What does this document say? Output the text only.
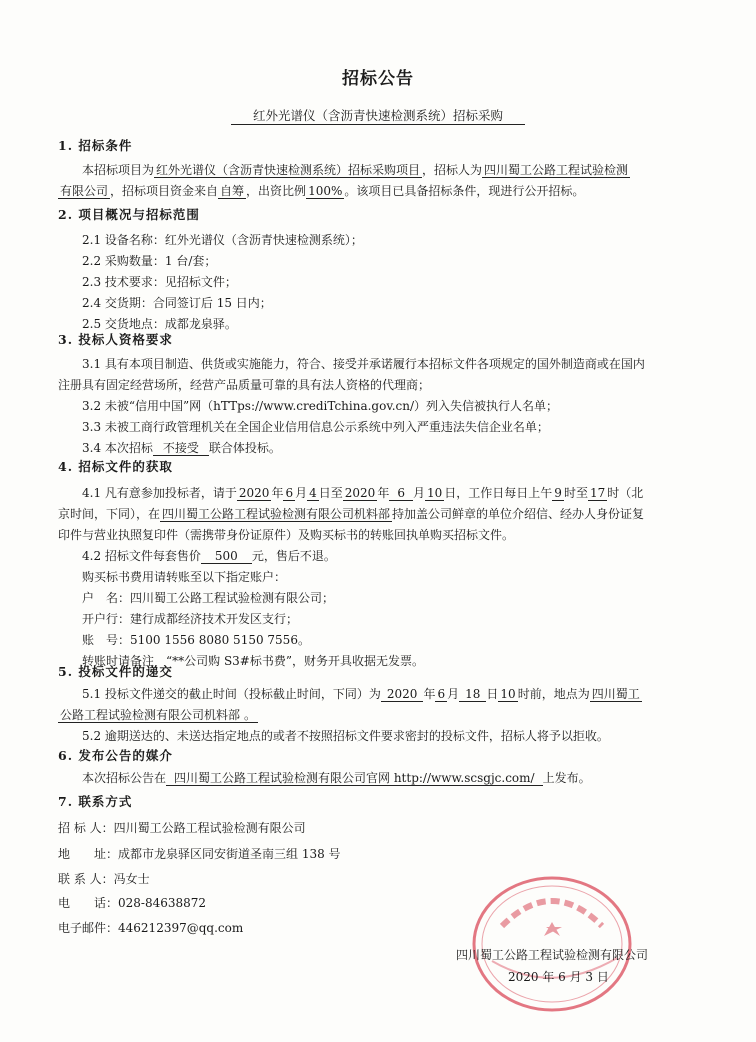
招标公告
红外光谱仪（含沥青快速检测系统）招标采购
1. 招标条件
本招标项目为 红外光谱仪（含沥青快速检测系统）招标采购项目 ，招标人为 四川蜀工公路工程试验检测
有限公司 ，招标项目资金来自 自筹 ，出资比例 100% 。该项目已具备招标条件，现进行公开招标。
2. 项目概况与招标范围
2.1 设备名称：红外光谱仪（含沥青快速检测系统）；
2.2 采购数量：1 台/套；
2.3 技术要求：见招标文件；
2.4 交货期：合同签订后 15 日内；
2.5 交货地点：成都龙泉驿。
3. 投标人资格要求
3.1 具有本项目制造、供货或实施能力，符合、接受并承诺履行本招标文件各项规定的国外制造商或在国内
注册具有固定经营场所，经营产品质量可靠的具有法人资格的代理商；
3.2 未被“信用中国”网（hTTps://www.crediTchina.gov.cn/）列入失信被执行人名单；
3.3 未被工商行政管理机关在全国企业信用信息公示系统中列入严重违法失信企业名单；
3.4 本次招标 不接受 联合体投标。
4. 招标文件的获取
4.1 凡有意参加投标者，请于 2020 年 6 月 4 日至 2020 年 6 月 10 日，工作日每日上午 9 时至 17 时（北
京时间，下同），在 四川蜀工公路工程试验检测有限公司机料部 持加盖公司鲜章的单位介绍信、经办人身份证复
印件与营业执照复印件（需携带身份证原件）及购买标书的转账回执单购买招标文件。
4.2 招标文件每套售价 500 元，售后不退。
购买标书费用请转账至以下指定账户：
户　名：四川蜀工公路工程试验检测有限公司；
开户行：建行成都经济技术开发区支行；
账　号：5100 1556 8080 5150 7556。
转账时请备注　“**公司购 S3#标书费”，财务开具收据无发票。
5. 投标文件的递交
5.1 投标文件递交的截止时间（投标截止时间，下同）为 2020 年 6 月 18 日 10 时前，地点为 四川蜀工
公路工程试验检测有限公司机料部 。
5.2 逾期送达的、未送达指定地点的或者不按照招标文件要求密封的投标文件，招标人将予以拒收。
6. 发布公告的媒介
本次招标公告在 四川蜀工公路工程试验检测有限公司官网 http://www.scsgjc.com/ 上发布。
7. 联系方式
招 标 人：四川蜀工公路工程试验检测有限公司
地　　址：成都市龙泉驿区同安街道圣南三组 138 号
联 系 人：冯女士
电　　话：028-84638872
电子邮件：446212397@qq.com
四川蜀工公路工程试验检测有限公司
2020 年 6 月 3 日
